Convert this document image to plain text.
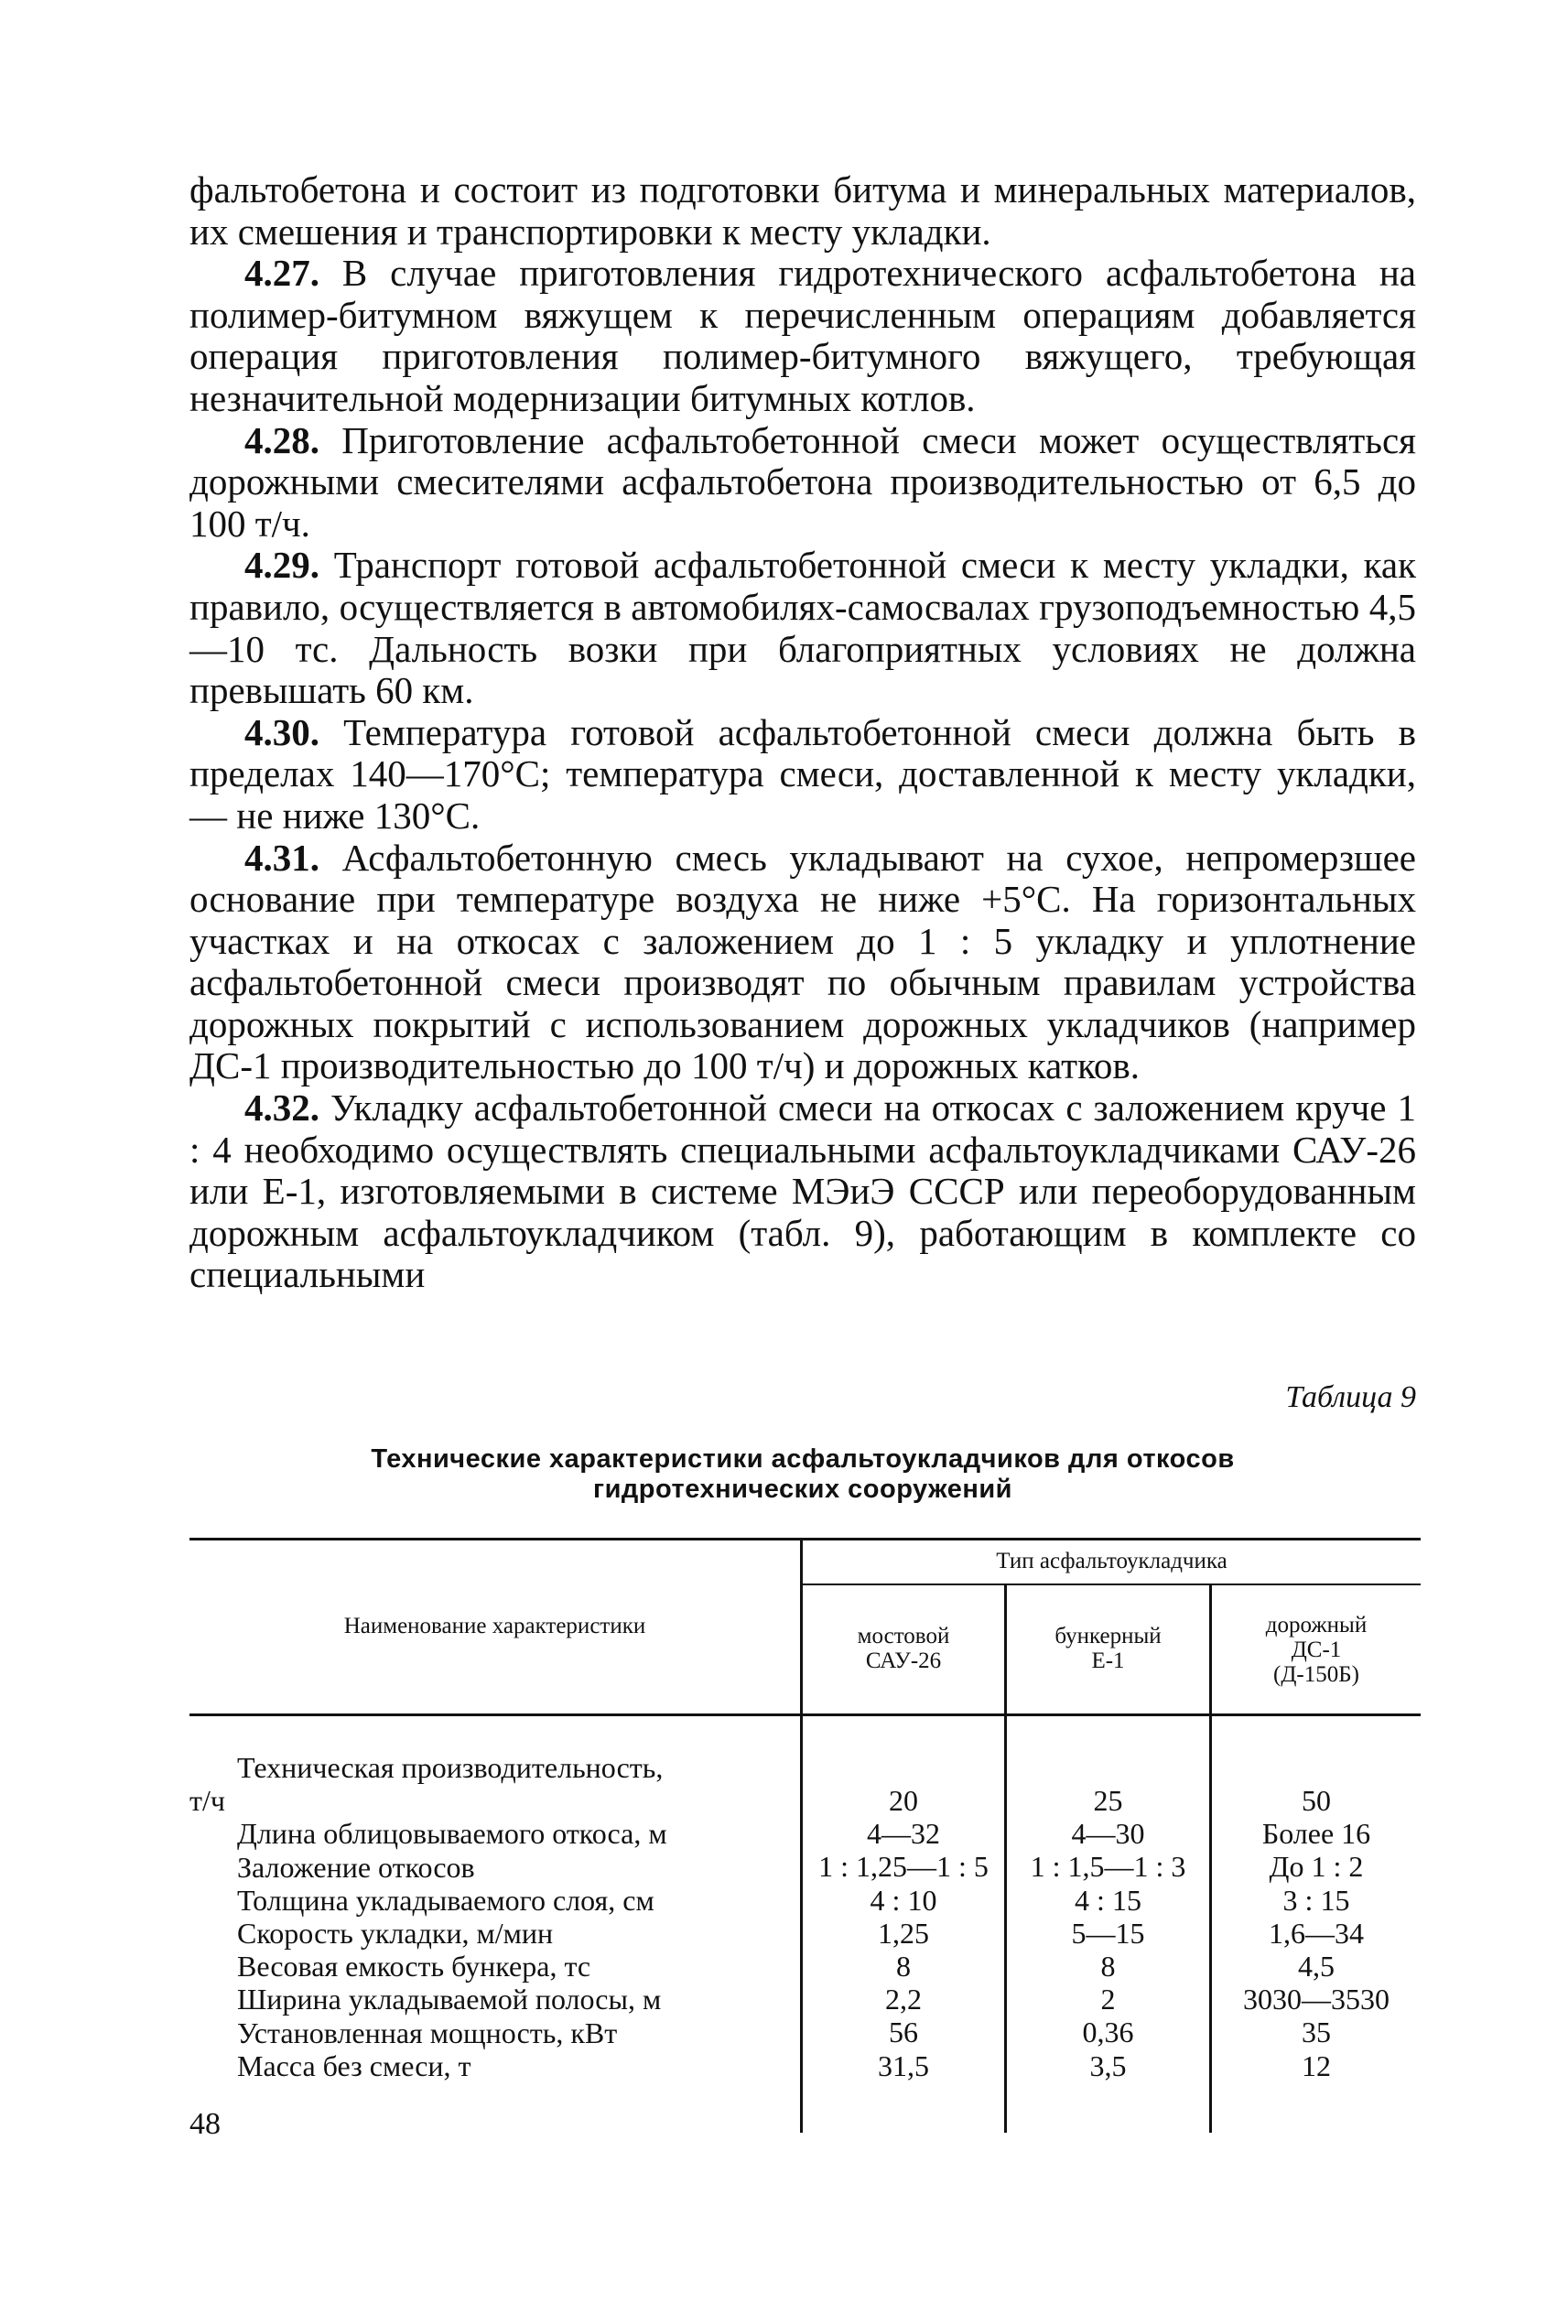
фальтобетона и состоит из подготовки битума и минеральных материалов, их смешения и транспортировки к месту укладки.

4.27. В случае приготовления гидротехнического асфальтобетона на полимер-битумном вяжущем к перечисленным операциям добавляется операция приготовления полимер-битумного вяжущего, требующая незначительной модернизации битумных котлов.

4.28. Приготовление асфальтобетонной смеси может осуществляться дорожными смесителями асфальтобетона производительностью от 6,5 до 100 т/ч.

4.29. Транспорт готовой асфальтобетонной смеси к месту укладки, как правило, осуществляется в автомобилях-самосвалах грузоподъемностью 4,5—10 тс. Дальность возки при благоприятных условиях не должна превышать 60 км.

4.30. Температура готовой асфальтобетонной смеси должна быть в пределах 140—170°С; температура смеси, доставленной к месту укладки, — не ниже 130°С.

4.31. Асфальтобетонную смесь укладывают на сухое, непромерзшее основание при температуре воздуха не ниже +5°С. На горизонтальных участках и на откосах с заложением до 1 : 5 укладку и уплотнение асфальтобетонной смеси производят по обычным правилам устройства дорожных покрытий с использованием дорожных укладчиков (например ДС-1 производительностью до 100 т/ч) и дорожных катков.

4.32. Укладку асфальтобетонной смеси на откосах с заложением круче 1 : 4 необходимо осуществлять специальными асфальтоукладчиками САУ-26 или Е-1, изготовляемыми в системе МЭиЭ СССР или переоборудованным дорожным асфальтоукладчиком (табл. 9), работающим в комплекте со специальными

Таблица 9
Технические характеристики асфальтоукладчиков для откосов
гидротехнических сооружений
Наименование характеристики
Тип асфальтоукладчика
мостовой
САУ-26
бункерный
Е-1
дорожный
ДС-1
(Д-150Б)
Техническая производительность,
т/ч
Длина облицовываемого откоса, м
Заложение откосов
Толщина укладываемого слоя, см
Скорость укладки, м/мин
Весовая емкость бункера, тс
Ширина укладываемой полосы, м
Установленная мощность, кВт
Масса без смеси, т
20
4—32
1 : 1,25—1 : 5
4 : 10
1,25
8
2,2
56
31,5
25
4—30
1 : 1,5—1 : 3
4 : 15
5—15
8
2
0,36
3,5
50
Более 16
До 1 : 2
3 : 15
1,6—34
4,5
3030—3530
35
12
48
